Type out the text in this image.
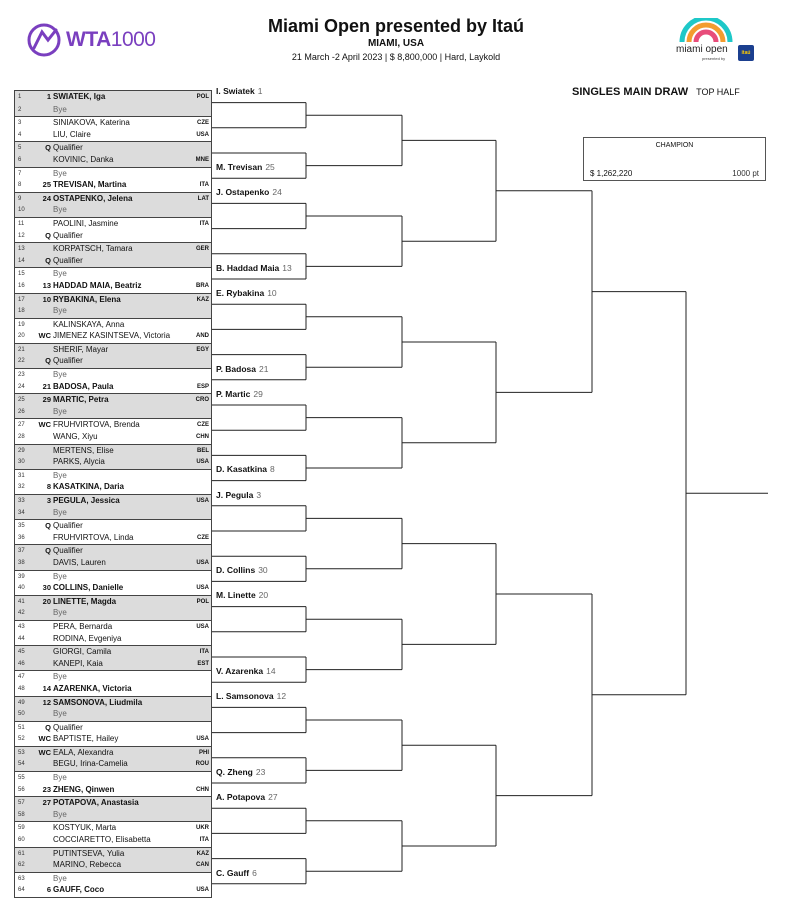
Miami Open presented by Itaú
MIAMI, USA
21 March -2 April 2023 | $ 8,800,000 | Hard, Laykold
WTA1000	miami open
presented by
itaú
SINGLES MAIN DRAW TOP HALF
CHAMPION
$ 1,262,220	1000 pt
1	1 SWIATEK, Iga	POL
2	Bye
3	SINIAKOVA, Katerina	CZE
4	LIU, Claire	USA
5	Q Qualifier
6	KOVINIC, Danka	MNE
7	Bye
8	25 TREVISAN, Martina	ITA
9	24 OSTAPENKO, Jelena	LAT
10	Bye
11	PAOLINI, Jasmine	ITA
12	Q Qualifier
13	KORPATSCH, Tamara	GER
14	Q Qualifier
15	Bye
16	13 HADDAD MAIA, Beatriz	BRA
17	10 RYBAKINA, Elena	KAZ
18	Bye
19	KALINSKAYA, Anna
20	WC JIMENEZ KASINTSEVA, Victoria	AND
21	SHERIF, Mayar	EGY
22	Q Qualifier
23	Bye
24	21 BADOSA, Paula	ESP
25	29 MARTIC, Petra	CRO
26	Bye
27	WC FRUHVIRTOVA, Brenda	CZE
28	WANG, Xiyu	CHN
29	MERTENS, Elise	BEL
30	PARKS, Alycia	USA
31	Bye
32	8 KASATKINA, Daria
33	3 PEGULA, Jessica	USA
34	Bye
35	Q Qualifier
36	FRUHVIRTOVA, Linda	CZE
37	Q Qualifier
38	DAVIS, Lauren	USA
39	Bye
40	30 COLLINS, Danielle	USA
41	20 LINETTE, Magda	POL
42	Bye
43	PERA, Bernarda	USA
44	RODINA, Evgeniya
45	GIORGI, Camila	ITA
46	KANEPI, Kaia	EST
47	Bye
48	14 AZARENKA, Victoria
49	12 SAMSONOVA, Liudmila
50	Bye
51	Q Qualifier
52	WC BAPTISTE, Hailey	USA
53	WC EALA, Alexandra	PHI
54	BEGU, Irina-Camelia	ROU
55	Bye
56	23 ZHENG, Qinwen	CHN
57	27 POTAPOVA, Anastasia
58	Bye
59	KOSTYUK, Marta	UKR
60	COCCIARETTO, Elisabetta	ITA
61	PUTINTSEVA, Yulia	KAZ
62	MARINO, Rebecca	CAN
63	Bye
64	6 GAUFF, Coco	USA
I. Swiatek 1
M. Trevisan 25
J. Ostapenko 24
B. Haddad Maia 13
E. Rybakina 10
P. Badosa 21
P. Martic 29
D. Kasatkina 8
J. Pegula 3
D. Collins 30
M. Linette 20
V. Azarenka 14
L. Samsonova 12
Q. Zheng 23
A. Potapova 27
C. Gauff 6
